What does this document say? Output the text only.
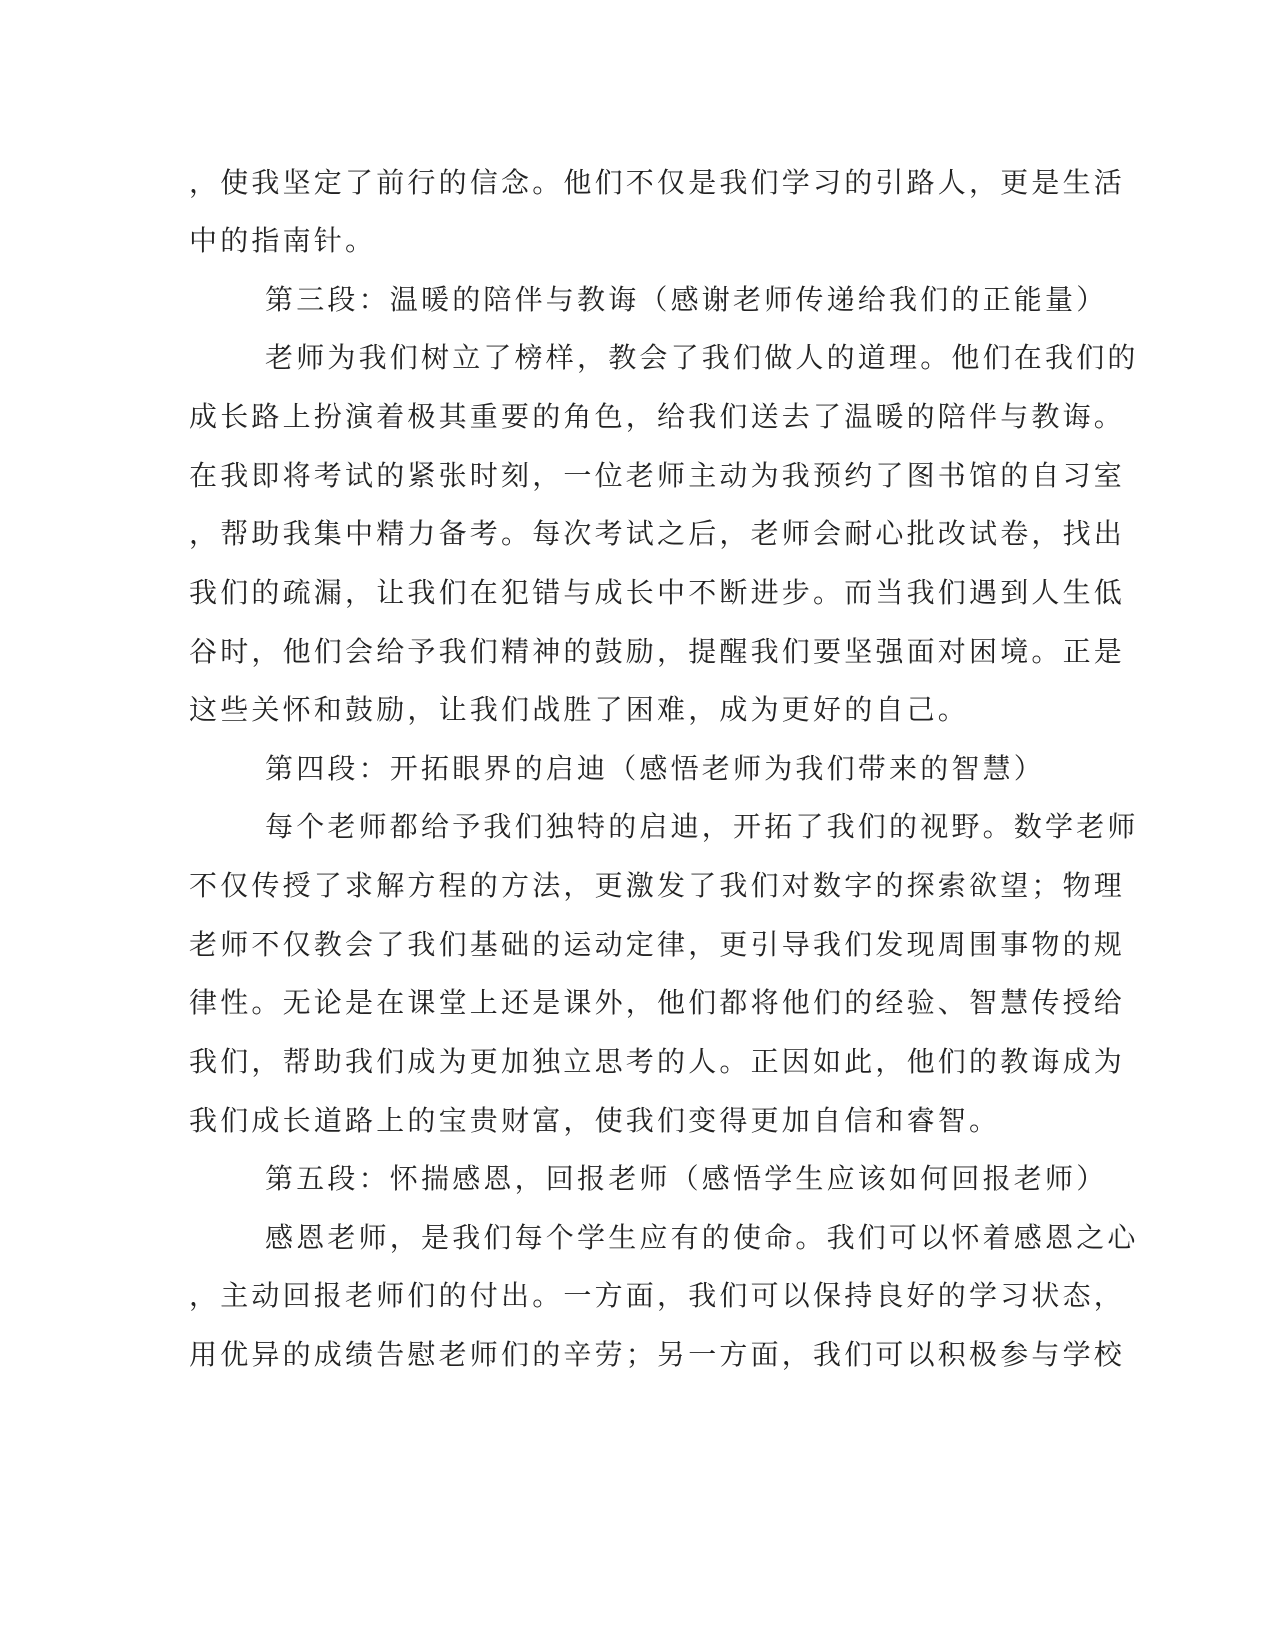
，使我坚定了前行的信念。他们不仅是我们学习的引路人，更是生活
中的指南针。
第三段：温暖的陪伴与教诲（感谢老师传递给我们的正能量）
老师为我们树立了榜样，教会了我们做人的道理。他们在我们的
成长路上扮演着极其重要的角色，给我们送去了温暖的陪伴与教诲。
在我即将考试的紧张时刻，一位老师主动为我预约了图书馆的自习室
，帮助我集中精力备考。每次考试之后，老师会耐心批改试卷，找出
我们的疏漏，让我们在犯错与成长中不断进步。而当我们遇到人生低
谷时，他们会给予我们精神的鼓励，提醒我们要坚强面对困境。正是
这些关怀和鼓励，让我们战胜了困难，成为更好的自己。
第四段：开拓眼界的启迪（感悟老师为我们带来的智慧）
每个老师都给予我们独特的启迪，开拓了我们的视野。数学老师
不仅传授了求解方程的方法，更激发了我们对数字的探索欲望；物理
老师不仅教会了我们基础的运动定律，更引导我们发现周围事物的规
律性。无论是在课堂上还是课外，他们都将他们的经验、智慧传授给
我们，帮助我们成为更加独立思考的人。正因如此，他们的教诲成为
我们成长道路上的宝贵财富，使我们变得更加自信和睿智。
第五段：怀揣感恩，回报老师（感悟学生应该如何回报老师）
感恩老师，是我们每个学生应有的使命。我们可以怀着感恩之心
，主动回报老师们的付出。一方面，我们可以保持良好的学习状态，
用优异的成绩告慰老师们的辛劳；另一方面，我们可以积极参与学校
